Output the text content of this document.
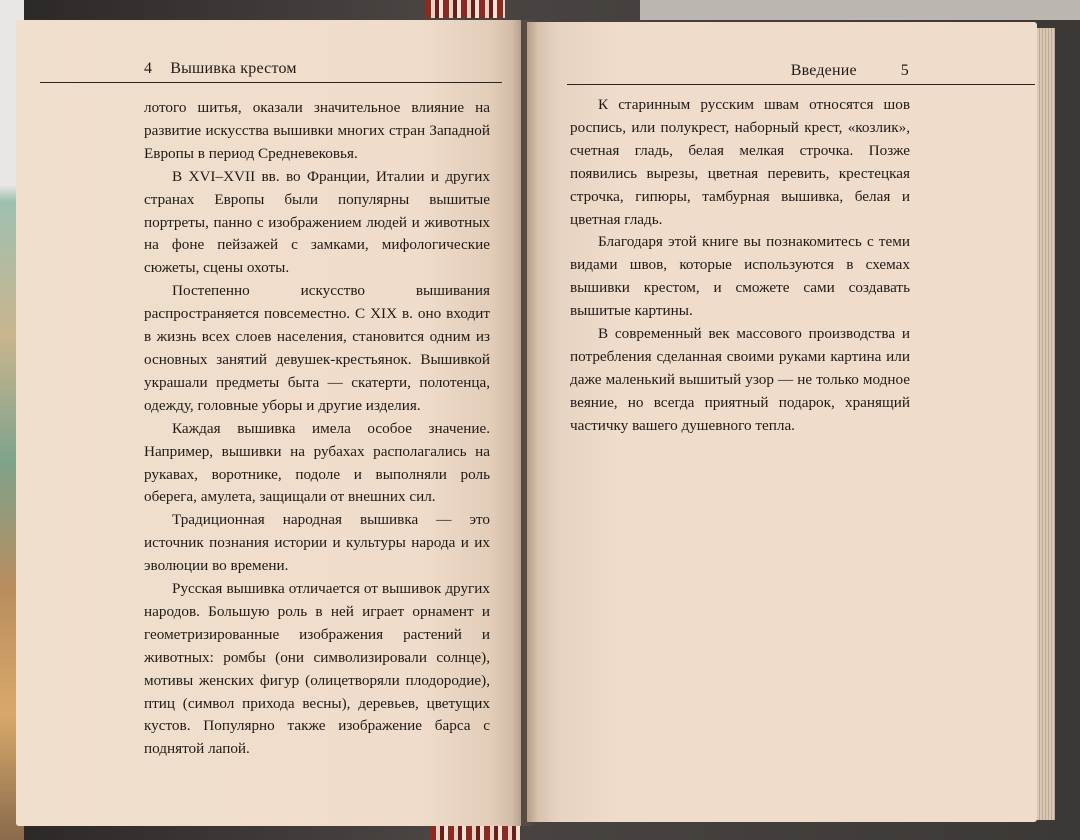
4 Вышивка крестом

лотого шитья, оказали значительное влияние на развитие искусства вышивки многих стран Западной Европы в период Средневековья.

В XVI–XVII вв. во Франции, Италии и других странах Европы были популярны вышитые портреты, панно с изображением людей и животных на фоне пейзажей с замками, мифологические сюжеты, сцены охоты.

Постепенно искусство вышивания распространяется повсеместно. С XIX в. оно входит в жизнь всех слоев населения, становится одним из основных занятий девушек-крестьянок. Вышивкой украшали предметы быта — скатерти, полотенца, одежду, головные уборы и другие изделия.

Каждая вышивка имела особое значение. Например, вышивки на рубахах располагались на рукавах, воротнике, подоле и выполняли роль оберега, амулета, защищали от внешних сил.

Традиционная народная вышивка — это источник познания истории и культуры народа и их эволюции во времени.

Русская вышивка отличается от вышивок других народов. Большую роль в ней играет орнамент и геометризированные изображения растений и животных: ромбы (они символизировали солнце), мотивы женских фигур (олицетворяли плодородие), птиц (символ прихода весны), деревьев, цветущих кустов. Популярно также изображение барса с поднятой лапой.

Введение	5

К старинным русским швам относятся шов роспись, или полукрест, наборный крест, «козлик», счетная гладь, белая мелкая строчка. Позже появились вырезы, цветная перевить, крестецкая строчка, гипюры, тамбурная вышивка, белая и цветная гладь.

Благодаря этой книге вы познакомитесь с теми видами швов, которые используются в схемах вышивки крестом, и сможете сами создавать вышитые картины.

В современный век массового производства и потребления сделанная своими руками картина или даже маленький вышитый узор — не только модное веяние, но всегда приятный подарок, хранящий частичку вашего душевного тепла.
